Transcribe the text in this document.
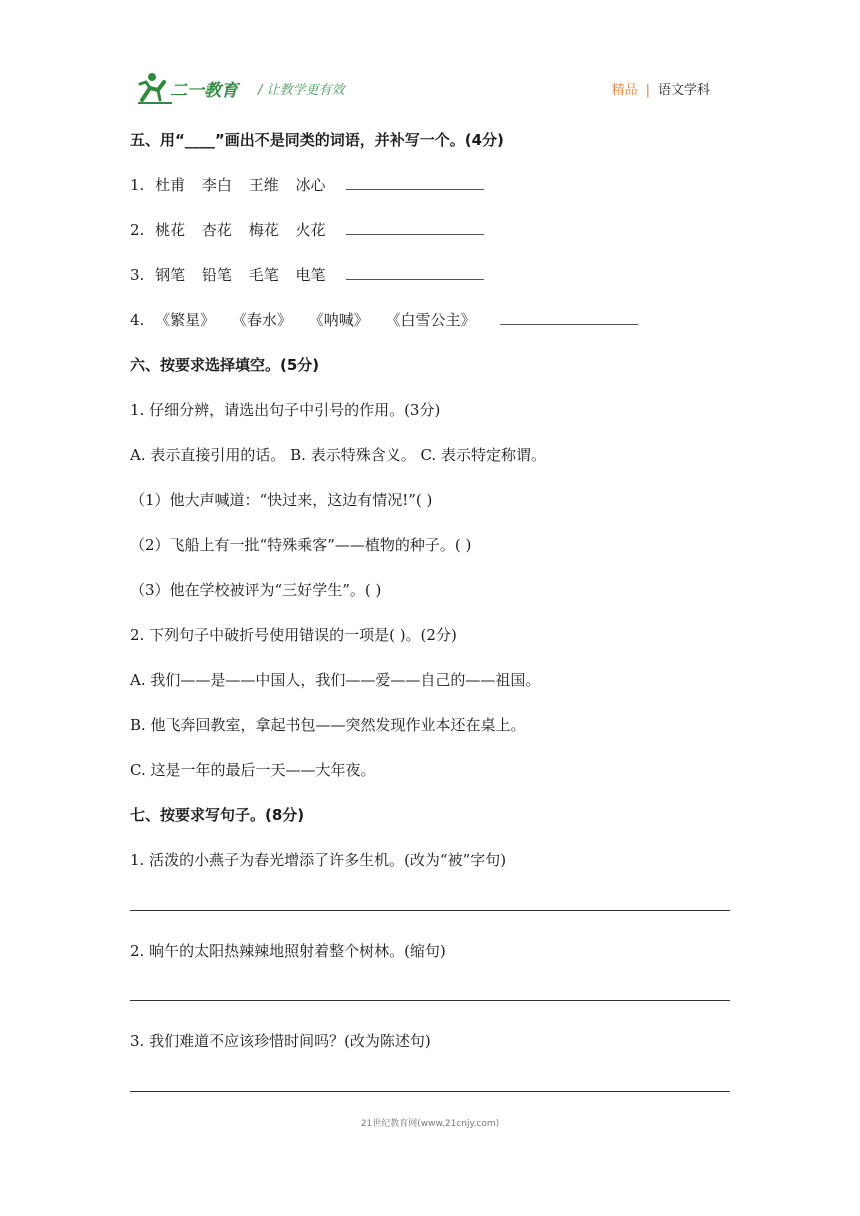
二一教育 / 让教学更有效	精品 | 语文学科
五、用“____”画出不是同类的词语，并补写一个。(4分)
1. 杜甫 李白 王维 冰心
2. 桃花 杏花 梅花 火花
3. 钢笔 铅笔 毛笔 电笔
4. 《繁星》 《春水》 《呐喊》 《白雪公主》
六、按要求选择填空。(5分)
1. 仔细分辨，请选出句子中引号的作用。(3分)
A. 表示直接引用的话。 B. 表示特殊含义。 C. 表示特定称谓。
（1）他大声喊道：“快过来，这边有情况!”( )
（2）飞船上有一批“特殊乘客”——植物的种子。( )
（3）他在学校被评为“三好学生”。( )
2. 下列句子中破折号使用错误的一项是( )。(2分)
A. 我们——是——中国人，我们——爱——自己的——祖国。
B. 他飞奔回教室，拿起书包——突然发现作业本还在桌上。
C. 这是一年的最后一天——大年夜。
七、按要求写句子。(8分)
1. 活泼的小燕子为春光增添了许多生机。(改为“被”字句)
2. 晌午的太阳热辣辣地照射着整个树林。(缩句)
3. 我们难道不应该珍惜时间吗？(改为陈述句)
21世纪教育网(www.21cnjy.com)
